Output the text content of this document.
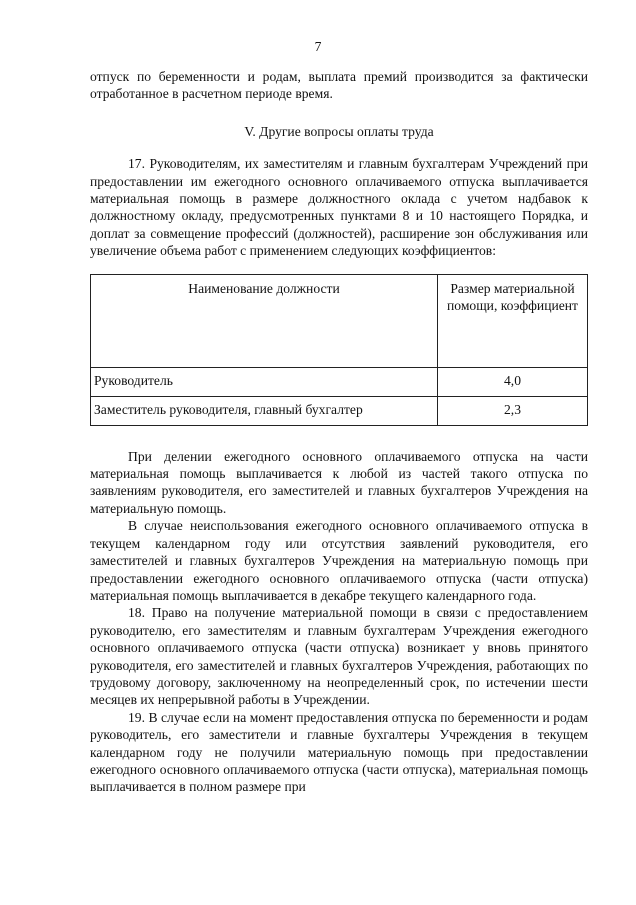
7

отпуск по беременности и родам, выплата премий производится за фактически отработанное в расчетном периоде время.

V. Другие вопросы оплаты труда

17. Руководителям, их заместителям и главным бухгалтерам Учреждений при предоставлении им ежегодного основного оплачиваемого отпуска выплачивается материальная помощь в размере должностного оклада с учетом надбавок к должностному окладу, предусмотренных пунктами 8 и 10 настоящего Порядка, и доплат за совмещение профессий (должностей), расширение зон обслуживания или увеличение объема работ с применением следующих коэффициентов:

Наименование должности	Размер материальной помощи, коэффициент
Руководитель	4,0
Заместитель руководителя, главный бухгалтер	2,3

При делении ежегодного основного оплачиваемого отпуска на части материальная помощь выплачивается к любой из частей такого отпуска по заявлениям руководителя, его заместителей и главных бухгалтеров Учреждения на материальную помощь.

В случае неиспользования ежегодного основного оплачиваемого отпуска в текущем календарном году или отсутствия заявлений руководителя, его заместителей и главных бухгалтеров Учреждения на материальную помощь при предоставлении ежегодного основного оплачиваемого отпуска (части отпуска) материальная помощь выплачивается в декабре текущего календарного года.

18. Право на получение материальной помощи в связи с предоставлением руководителю, его заместителям и главным бухгалтерам Учреждения ежегодного основного оплачиваемого отпуска (части отпуска) возникает у вновь принятого руководителя, его заместителей и главных бухгалтеров Учреждения, работающих по трудовому договору, заключенному на неопределенный срок, по истечении шести месяцев их непрерывной работы в Учреждении.

19. В случае если на момент предоставления отпуска по беременности и родам руководитель, его заместители и главные бухгалтеры Учреждения в текущем календарном году не получили материальную помощь при предоставлении ежегодного основного оплачиваемого отпуска (части отпуска), материальная помощь выплачивается в полном размере при
